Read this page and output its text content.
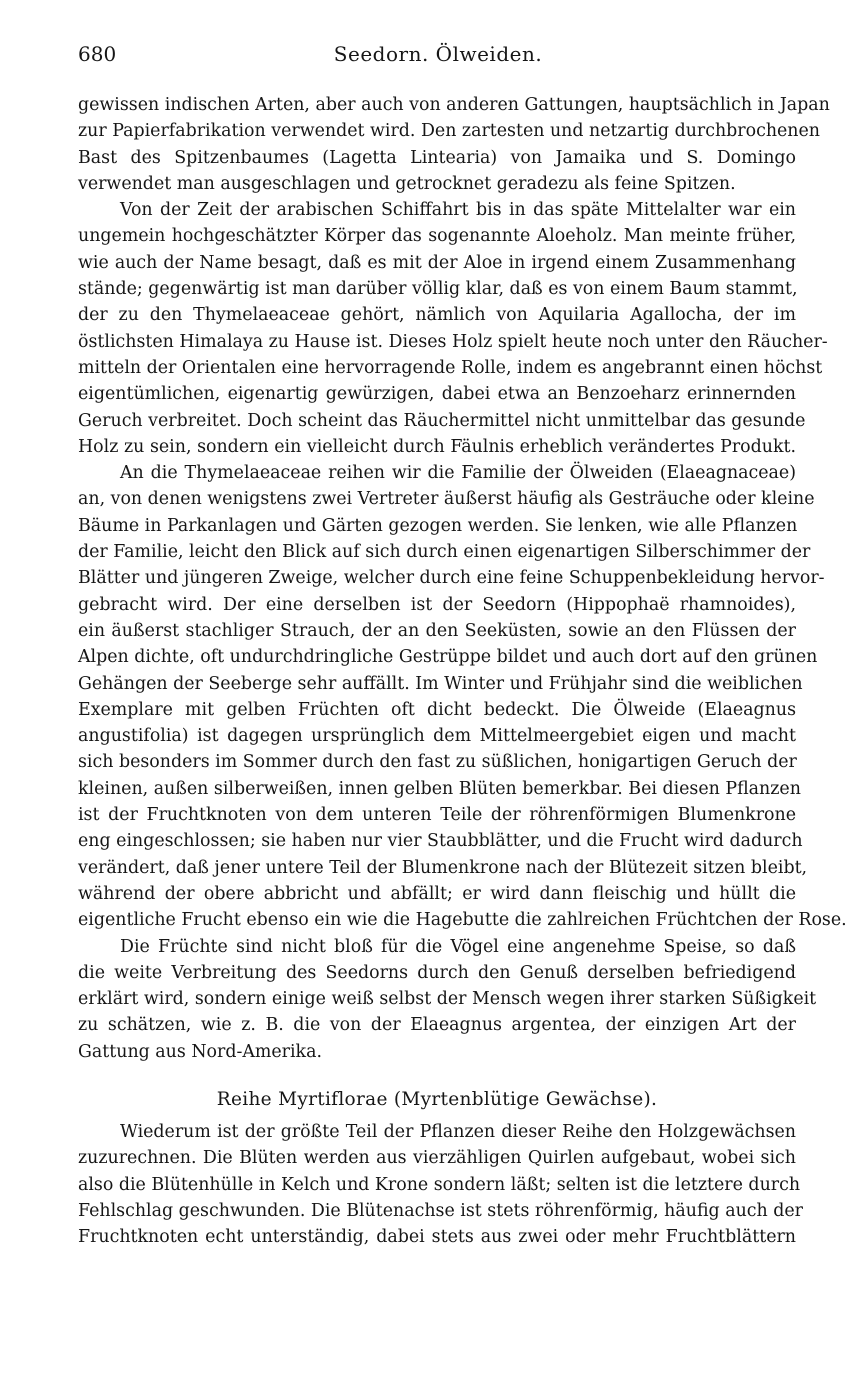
680	Seedorn. Ölweiden.
gewissen indischen Arten, aber auch von anderen Gattungen, hauptsächlich in Japan
zur Papierfabrikation verwendet wird. Den zartesten und netzartig durchbrochenen
Bast des Spitzenbaumes (Lagetta Lintearia) von Jamaika und S. Domingo
verwendet man ausgeschlagen und getrocknet geradezu als feine Spitzen.
Von der Zeit der arabischen Schiffahrt bis in das späte Mittelalter war ein
ungemein hochgeschätzter Körper das sogenannte Aloeholz. Man meinte früher,
wie auch der Name besagt, daß es mit der Aloe in irgend einem Zusammenhang
stände; gegenwärtig ist man darüber völlig klar, daß es von einem Baum stammt,
der zu den Thymelaeaceae gehört, nämlich von Aquilaria Agallocha, der im
östlichsten Himalaya zu Hause ist. Dieses Holz spielt heute noch unter den Räucher-
mitteln der Orientalen eine hervorragende Rolle, indem es angebrannt einen höchst
eigentümlichen, eigenartig gewürzigen, dabei etwa an Benzoeharz erinnernden
Geruch verbreitet. Doch scheint das Räuchermittel nicht unmittelbar das gesunde
Holz zu sein, sondern ein vielleicht durch Fäulnis erheblich verändertes Produkt.
An die Thymelaeaceae reihen wir die Familie der Ölweiden (Elaeagnaceae)
an, von denen wenigstens zwei Vertreter äußerst häufig als Gesträuche oder kleine
Bäume in Parkanlagen und Gärten gezogen werden. Sie lenken, wie alle Pflanzen
der Familie, leicht den Blick auf sich durch einen eigenartigen Silberschimmer der
Blätter und jüngeren Zweige, welcher durch eine feine Schuppenbekleidung hervor-
gebracht wird. Der eine derselben ist der Seedorn (Hippophaë rhamnoides),
ein äußerst stachliger Strauch, der an den Seeküsten, sowie an den Flüssen der
Alpen dichte, oft undurchdringliche Gestrüppe bildet und auch dort auf den grünen
Gehängen der Seeberge sehr auffällt. Im Winter und Frühjahr sind die weiblichen
Exemplare mit gelben Früchten oft dicht bedeckt. Die Ölweide (Elaeagnus
angustifolia) ist dagegen ursprünglich dem Mittelmeergebiet eigen und macht
sich besonders im Sommer durch den fast zu süßlichen, honigartigen Geruch der
kleinen, außen silberweißen, innen gelben Blüten bemerkbar. Bei diesen Pflanzen
ist der Fruchtknoten von dem unteren Teile der röhrenförmigen Blumenkrone
eng eingeschlossen; sie haben nur vier Staubblätter, und die Frucht wird dadurch
verändert, daß jener untere Teil der Blumenkrone nach der Blütezeit sitzen bleibt,
während der obere abbricht und abfällt; er wird dann fleischig und hüllt die
eigentliche Frucht ebenso ein wie die Hagebutte die zahlreichen Früchtchen der Rose.
Die Früchte sind nicht bloß für die Vögel eine angenehme Speise, so daß
die weite Verbreitung des Seedorns durch den Genuß derselben befriedigend
erklärt wird, sondern einige weiß selbst der Mensch wegen ihrer starken Süßigkeit
zu schätzen, wie z. B. die von der Elaeagnus argentea, der einzigen Art der
Gattung aus Nord-Amerika.
Reihe Myrtiflorae (Myrtenblütige Gewächse).
Wiederum ist der größte Teil der Pflanzen dieser Reihe den Holzgewächsen
zuzurechnen. Die Blüten werden aus vierzähligen Quirlen aufgebaut, wobei sich
also die Blütenhülle in Kelch und Krone sondern läßt; selten ist die letztere durch
Fehlschlag geschwunden. Die Blütenachse ist stets röhrenförmig, häufig auch der
Fruchtknoten echt unterständig, dabei stets aus zwei oder mehr Fruchtblättern
